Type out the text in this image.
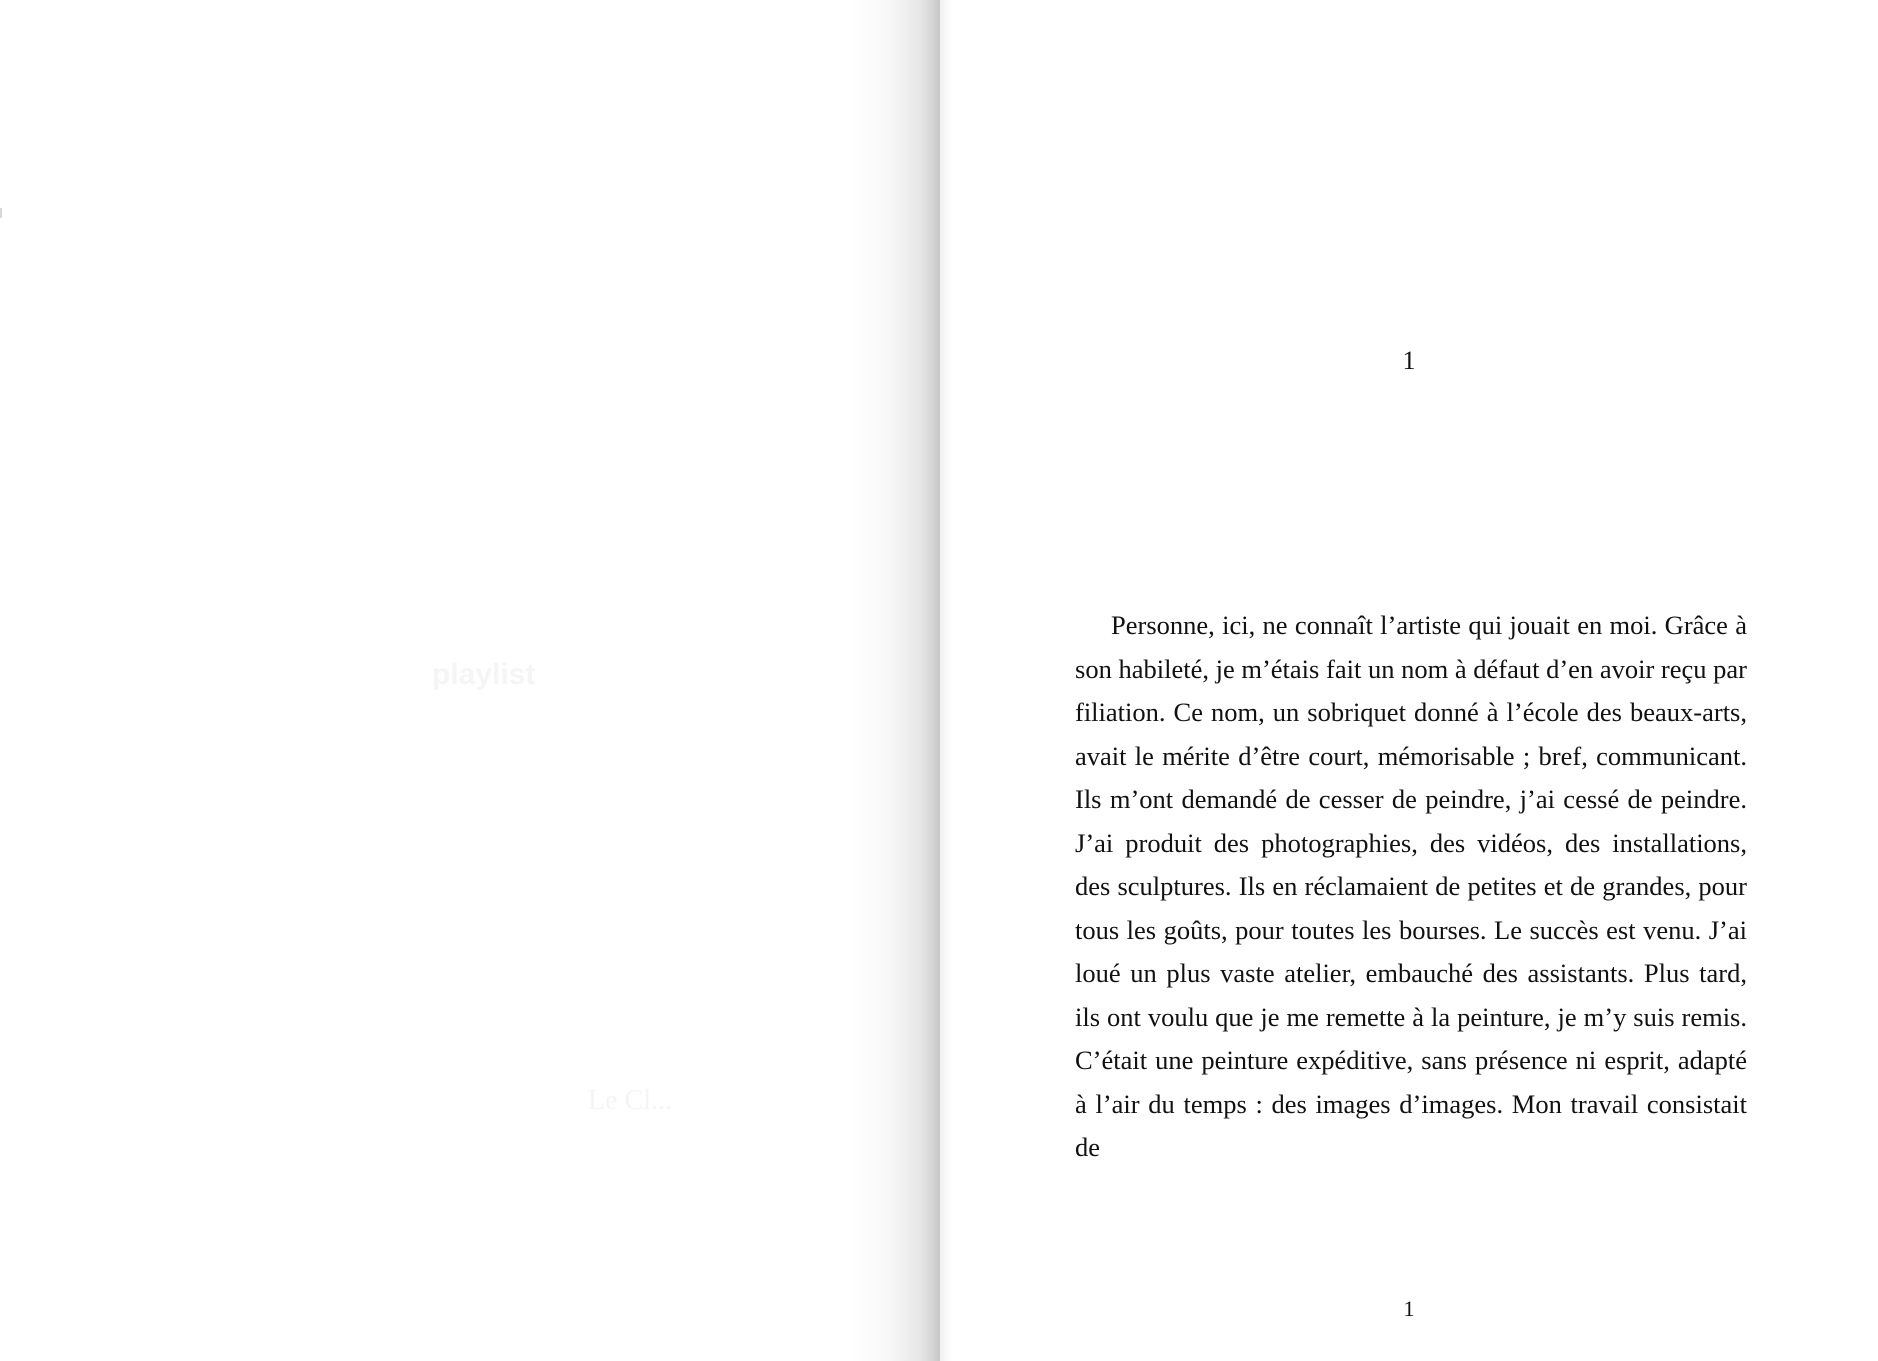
playlist
Le Cl...
1

Personne, ici, ne connaît l’artiste qui jouait en moi. Grâce à son habileté, je m’étais fait un nom à défaut d’en avoir reçu par filiation. Ce nom, un sobriquet donné à l’école des beaux-arts, avait le mérite d’être court, mémorisable ; bref, communicant. Ils m’ont demandé de cesser de peindre, j’ai cessé de peindre. J’ai produit des photographies, des vidéos, des installations, des sculptures. Ils en réclamaient de petites et de grandes, pour tous les goûts, pour toutes les bourses. Le succès est venu. J’ai loué un plus vaste atelier, embauché des assistants. Plus tard, ils ont voulu que je me remette à la peinture, je m’y suis remis. C’était une peinture expéditive, sans présence ni esprit, adapté à l’air du temps : des images d’images. Mon travail consistait de

1
